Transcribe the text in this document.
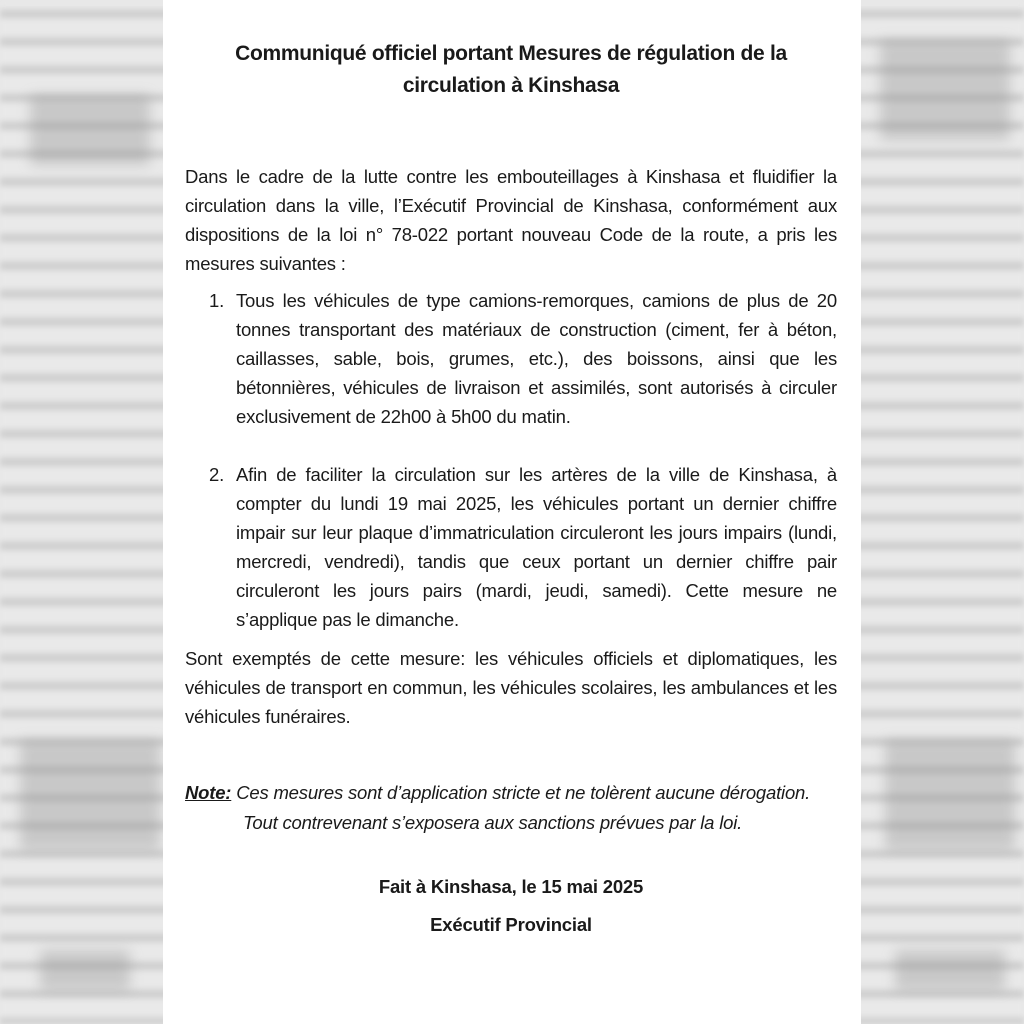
Communiqué officiel portant Mesures de régulation de la circulation à Kinshasa
Dans le cadre de la lutte contre les embouteillages à Kinshasa et fluidifier la circulation dans la ville, l’Exécutif Provincial de Kinshasa, conformément aux dispositions de la loi n° 78-022 portant nouveau Code de la route, a pris les mesures suivantes :
1. Tous les véhicules de type camions-remorques, camions de plus de 20 tonnes transportant des matériaux de construction (ciment, fer à béton, caillasses, sable, bois, grumes, etc.), des boissons, ainsi que les bétonnières, véhicules de livraison et assimilés, sont autorisés à circuler exclusivement de 22h00 à 5h00 du matin.
2. Afin de faciliter la circulation sur les artères de la ville de Kinshasa, à compter du lundi 19 mai 2025, les véhicules portant un dernier chiffre impair sur leur plaque d’immatriculation circuleront les jours impairs (lundi, mercredi, vendredi), tandis que ceux portant un dernier chiffre pair circuleront les jours pairs (mardi, jeudi, samedi). Cette mesure ne s’applique pas le dimanche.
Sont exemptés de cette mesure: les véhicules officiels et diplomatiques, les véhicules de transport en commun, les véhicules scolaires, les ambulances et les véhicules funéraires.
Note: Ces mesures sont d’application stricte et ne tolèrent aucune dérogation.
Tout contrevenant s’exposera aux sanctions prévues par la loi.
Fait à Kinshasa, le 15 mai 2025
Exécutif Provincial
